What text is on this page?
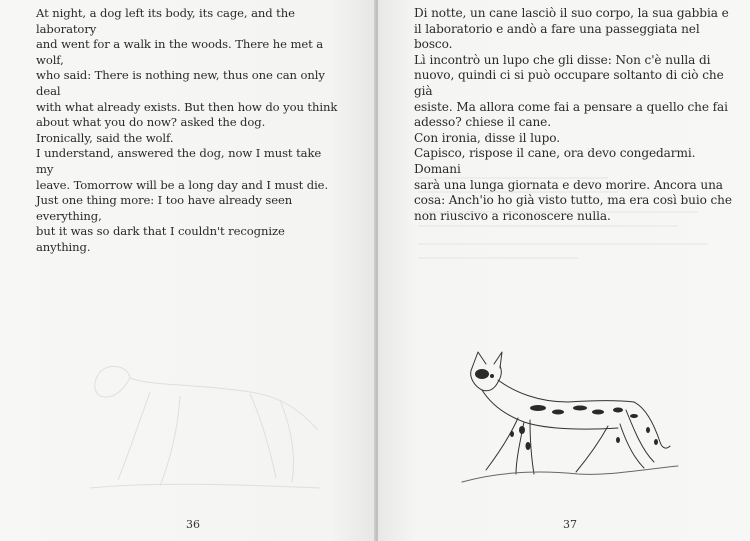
At night, a dog left its body, its cage, and the laboratory
and went for a walk in the woods. There he met a wolf,
who said: There is nothing new, thus one can only deal
with what already exists. But then how do you think
about what you do now? asked the dog.
Ironically, said the wolf.
I understand, answered the dog, now I must take my
leave. Tomorrow will be a long day and I must die.
Just one thing more: I too have already seen everything,
but it was so dark that I couldn't recognize anything.
36
Di notte, un cane lasciò il suo corpo, la sua gabbia e
il laboratorio e andò a fare una passeggiata nel bosco.
Lì incontrò un lupo che gli disse: Non c'è nulla di
nuovo, quindi ci si può occupare soltanto di ciò che già
esiste. Ma allora come fai a pensare a quello che fai
adesso? chiese il cane.
Con ironia, disse il lupo.
Capisco, rispose il cane, ora devo congedarmi. Domani
sarà una lunga giornata e devo morire. Ancora una
cosa: Anch'io ho già visto tutto, ma era così buio che
non riuscivo a riconoscere nulla.
37
